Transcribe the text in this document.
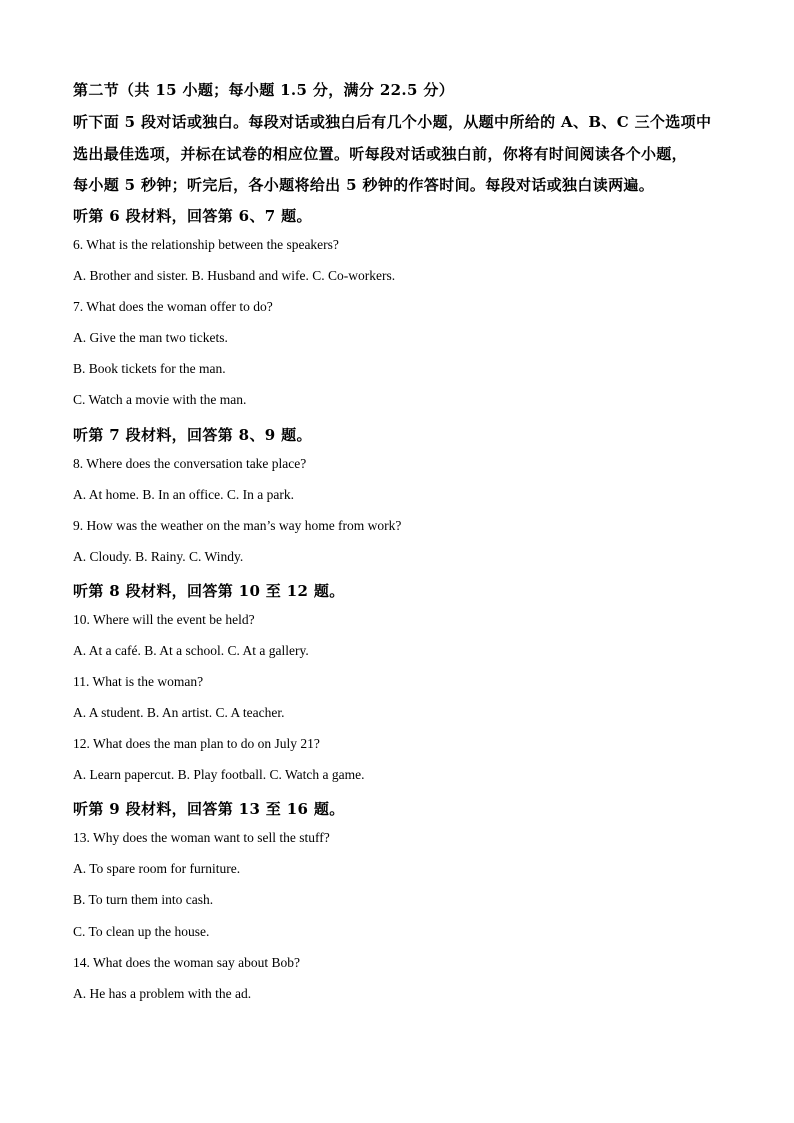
第二节（共 15 小题；每小题 1.5 分，满分 22.5 分）
听下面 5 段对话或独白。每段对话或独白后有几个小题，从题中所给的 A、B、C 三个选项中
选出最佳选项，并标在试卷的相应位置。听每段对话或独白前，你将有时间阅读各个小题，
每小题 5 秒钟；听完后，各小题将给出 5 秒钟的作答时间。每段对话或独白读两遍。
听第 6 段材料，回答第 6、7 题。
6. What is the relationship between the speakers?
A. Brother and sister. B. Husband and wife. C. Co-workers.
7. What does the woman offer to do?
A. Give the man two tickets.
B. Book tickets for the man.
C. Watch a movie with the man.
听第 7 段材料，回答第 8、9 题。
8. Where does the conversation take place?
A. At home. B. In an office. C. In a park.
9. How was the weather on the man’s way home from work?
A. Cloudy. B. Rainy. C. Windy.
听第 8 段材料，回答第 10 至 12 题。
10. Where will the event be held?
A. At a café. B. At a school. C. At a gallery.
11. What is the woman?
A. A student. B. An artist. C. A teacher.
12. What does the man plan to do on July 21?
A. Learn papercut. B. Play football. C. Watch a game.
听第 9 段材料，回答第 13 至 16 题。
13. Why does the woman want to sell the stuff?
A. To spare room for furniture.
B. To turn them into cash.
C. To clean up the house.
14. What does the woman say about Bob?
A. He has a problem with the ad.
